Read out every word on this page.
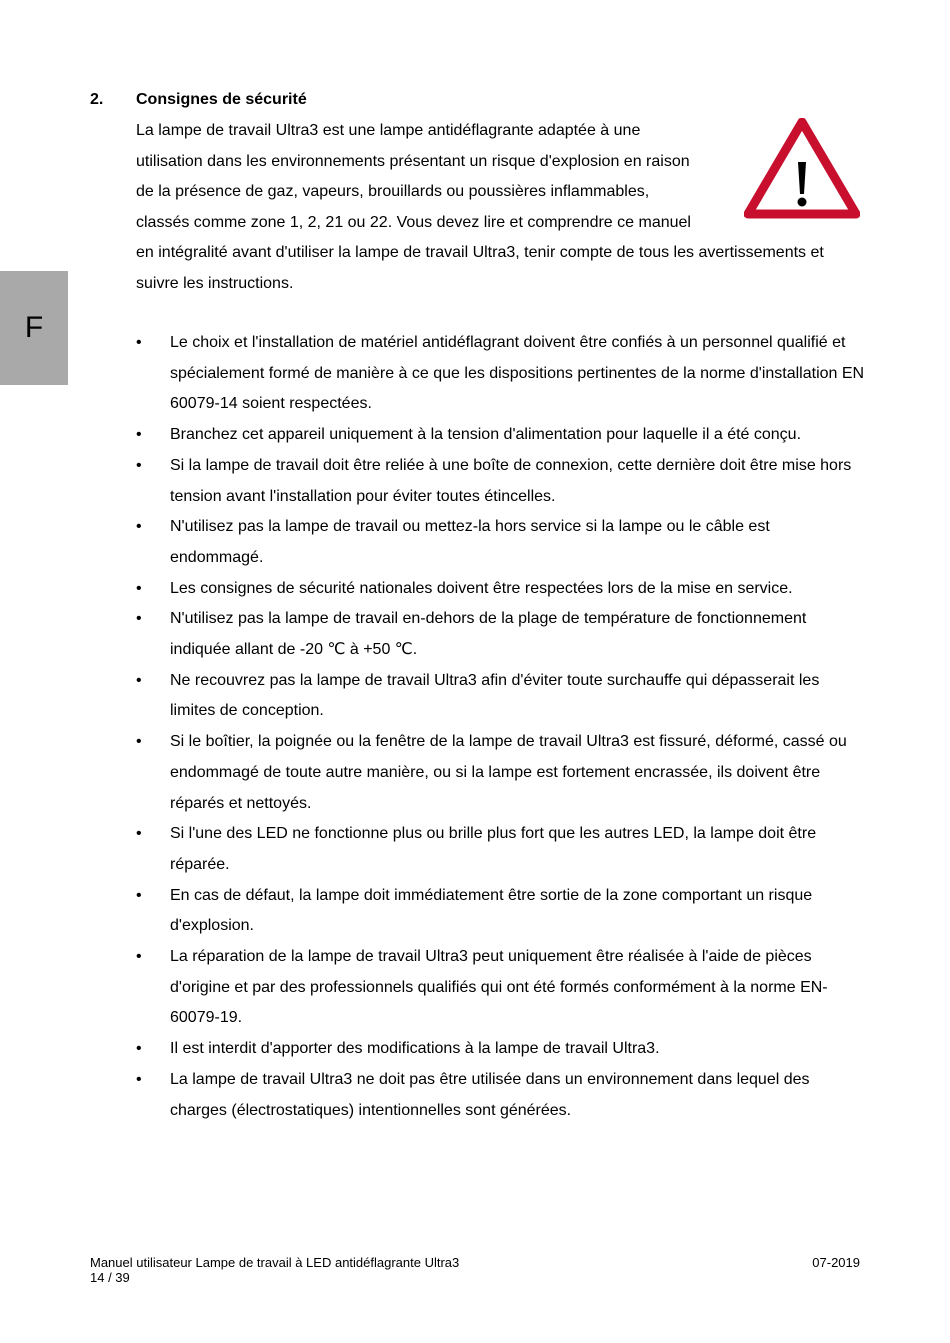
F
2. Consignes de sécurité

La lampe de travail Ultra3 est une lampe antidéflagrante adaptée à une utilisation dans les environnements présentant un risque d'explosion en raison de la présence de gaz, vapeurs, brouillards ou poussières inflammables, classés comme zone 1, 2, 21 ou 22. Vous devez lire et comprendre ce manuel en intégralité avant d'utiliser la lampe de travail Ultra3, tenir compte de tous les avertissements et suivre les instructions.

• Le choix et l'installation de matériel antidéflagrant doivent être confiés à un personnel qualifié et spécialement formé de manière à ce que les dispositions pertinentes de la norme d'installation EN 60079-14 soient respectées.
• Branchez cet appareil uniquement à la tension d'alimentation pour laquelle il a été conçu.
• Si la lampe de travail doit être reliée à une boîte de connexion, cette dernière doit être mise hors tension avant l'installation pour éviter toutes étincelles.
• N'utilisez pas la lampe de travail ou mettez-la hors service si la lampe ou le câble est endommagé.
• Les consignes de sécurité nationales doivent être respectées lors de la mise en service.
• N'utilisez pas la lampe de travail en-dehors de la plage de température de fonctionnement indiquée allant de -20 ℃ à +50 ℃.
• Ne recouvrez pas la lampe de travail Ultra3 afin d'éviter toute surchauffe qui dépasserait les limites de conception.
• Si le boîtier, la poignée ou la fenêtre de la lampe de travail Ultra3 est fissuré, déformé, cassé ou endommagé de toute autre manière, ou si la lampe est fortement encrassée, ils doivent être réparés et nettoyés.
• Si l'une des LED ne fonctionne plus ou brille plus fort que les autres LED, la lampe doit être réparée.
• En cas de défaut, la lampe doit immédiatement être sortie de la zone comportant un risque d'explosion.
• La réparation de la lampe de travail Ultra3 peut uniquement être réalisée à l'aide de pièces d'origine et par des professionnels qualifiés qui ont été formés conformément à la norme EN-60079-19.
• Il est interdit d'apporter des modifications à la lampe de travail Ultra3.
• La lampe de travail Ultra3 ne doit pas être utilisée dans un environnement dans lequel des charges (électrostatiques) intentionnelles sont générées.
Manuel utilisateur Lampe de travail à LED antidéflagrante Ultra3	07-2019
14 / 39
